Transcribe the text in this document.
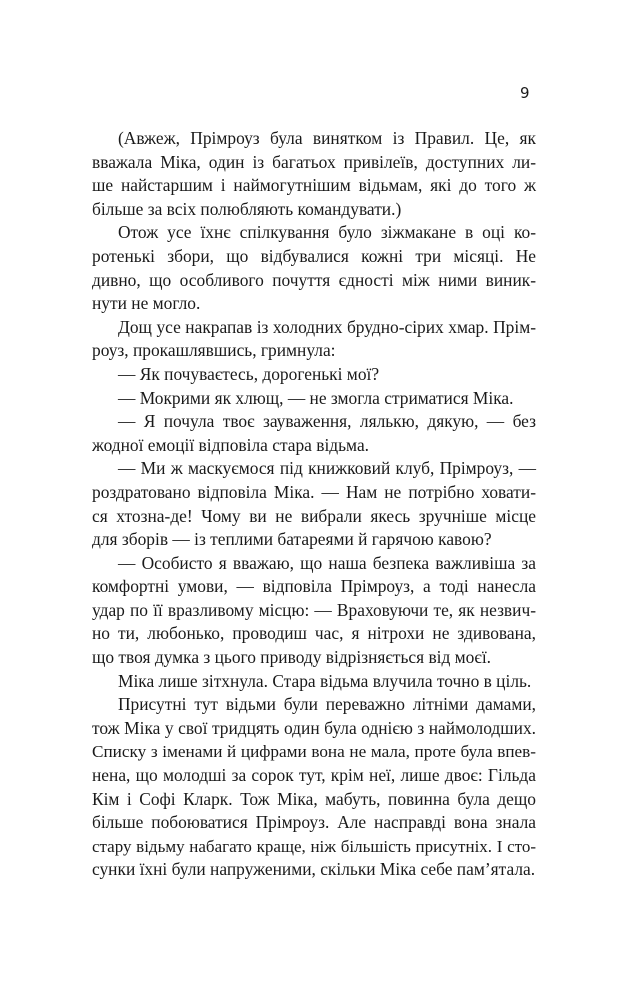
9
(Авжеж, Прімроуз була винятком із Правил. Це, як
вважала Міка, один із багатьох привілеїв, доступних ли-
ше найстаршим і наймогутнішим відьмам, які до того ж
більше за всіх полюбляють командувати.)
Отож усе їхнє спілкування було зіжмакане в оці ко-
ротенькі збори, що відбувалися кожні три місяці. Не
дивно, що особливого почуття єдності між ними виник-
нути не могло.
Дощ усе накрапав із холодних брудно-сірих хмар. Прім-
роуз, прокашлявшись, гримнула:
— Як почуваєтесь, дорогенькі мої?
— Мокрими як хлющ, — не змогла стриматися Міка.
— Я почула твоє зауваження, лялькю, дякую, — без
жодної емоції відповіла стара відьма.
— Ми ж маскуємося під книжковий клуб, Прімроуз, —
роздратовано відповіла Міка. — Нам не потрібно ховати-
ся хтозна-де! Чому ви не вибрали якесь зручніше місце
для зборів — із теплими батареями й гарячою кавою?
— Особисто я вважаю, що наша безпека важливіша за
комфортні умови, — відповіла Прімроуз, а тоді нанесла
удар по її вразливому місцю: — Враховуючи те, як незвич-
но ти, любонько, проводиш час, я нітрохи не здивована,
що твоя думка з цього приводу відрізняється від моєї.
Міка лише зітхнула. Стара відьма влучила точно в ціль.
Присутні тут відьми були переважно літніми дамами,
тож Міка у свої тридцять один була однією з наймолодших.
Списку з іменами й цифрами вона не мала, проте була впев-
нена, що молодші за сорок тут, крім неї, лише двоє: Гільда
Кім і Софі Кларк. Тож Міка, мабуть, повинна була дещо
більше побоюватися Прімроуз. Але насправді вона знала
стару відьму набагато краще, ніж більшість присутніх. І сто-
сунки їхні були напруженими, скільки Міка себе пам’ятала.
